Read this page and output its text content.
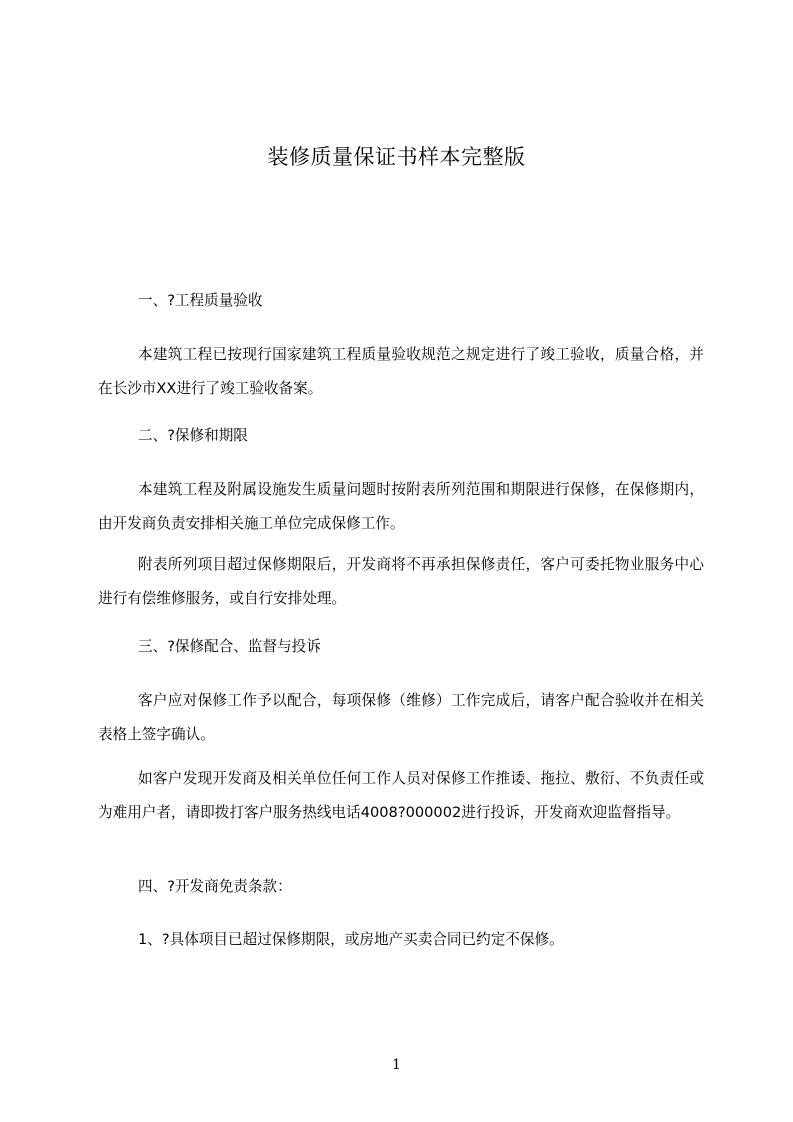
装修质量保证书样本完整版
一、?工程质量验收
本建筑工程已按现行国家建筑工程质量验收规范之规定进行了竣工验收，质量合格，并在长沙市XX进行了竣工验收备案。
二、?保修和期限
本建筑工程及附属设施发生质量问题时按附表所列范围和期限进行保修，在保修期内，由开发商负责安排相关施工单位完成保修工作。
附表所列项目超过保修期限后，开发商将不再承担保修责任，客户可委托物业服务中心进行有偿维修服务，或自行安排处理。
三、?保修配合、监督与投诉
客户应对保修工作予以配合，每项保修（维修）工作完成后，请客户配合验收并在相关表格上签字确认。
如客户发现开发商及相关单位任何工作人员对保修工作推诿、拖拉、敷衍、不负责任或为难用户者，请即拨打客户服务热线电话4008?000002进行投诉，开发商欢迎监督指导。
四、?开发商免责条款：
1、?具体项目已超过保修期限，或房地产买卖合同已约定不保修。
1
